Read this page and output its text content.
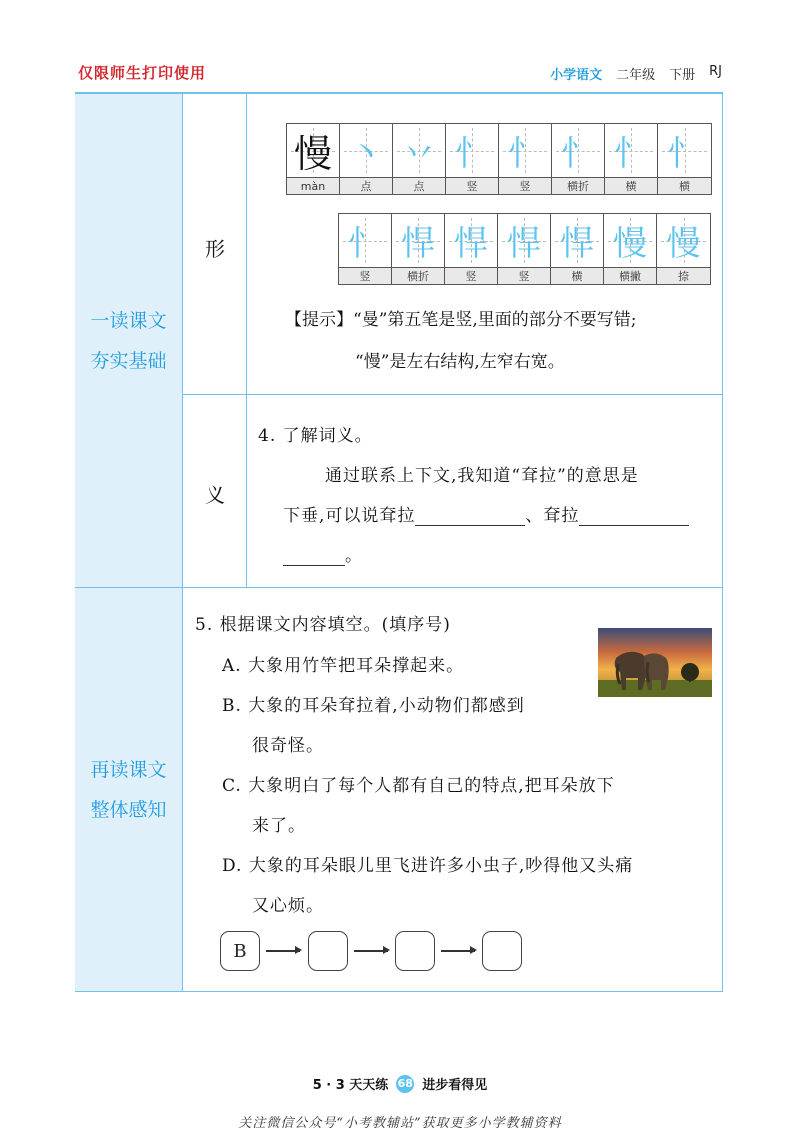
仅限师生打印使用	小学语文 二年级 下册 RJ
一读课文
夯实基础
再读课文
整体感知
形
义
慢
màn
丶
点
丷
点
忄
竖
忄
竖
忄
横折
忄
横
忄
横
忄
竖
悍
横折
悍
竖
悍
竖
悍
横
慢
横撇
慢
捺
【提示】“曼”第五笔是竖,里面的部分不要写错;
“慢”是左右结构,左窄右宽。
4. 了解词义。
通过联系上下文,我知道“耷拉”的意思是
下垂,可以说耷拉	、耷拉
。
5. 根据课文内容填空。(填序号)
A. 大象用竹竿把耳朵撑起来。
B. 大象的耳朵耷拉着,小动物们都感到
很奇怪。
C. 大象明白了每个人都有自己的特点,把耳朵放下
来了。
D. 大象的耳朵眼儿里飞进许多小虫子,吵得他又头痛
又心烦。
B
5 · 3 天天练 68 进步看得见
关注微信公众号“小考教辅站”获取更多小学教辅资料
